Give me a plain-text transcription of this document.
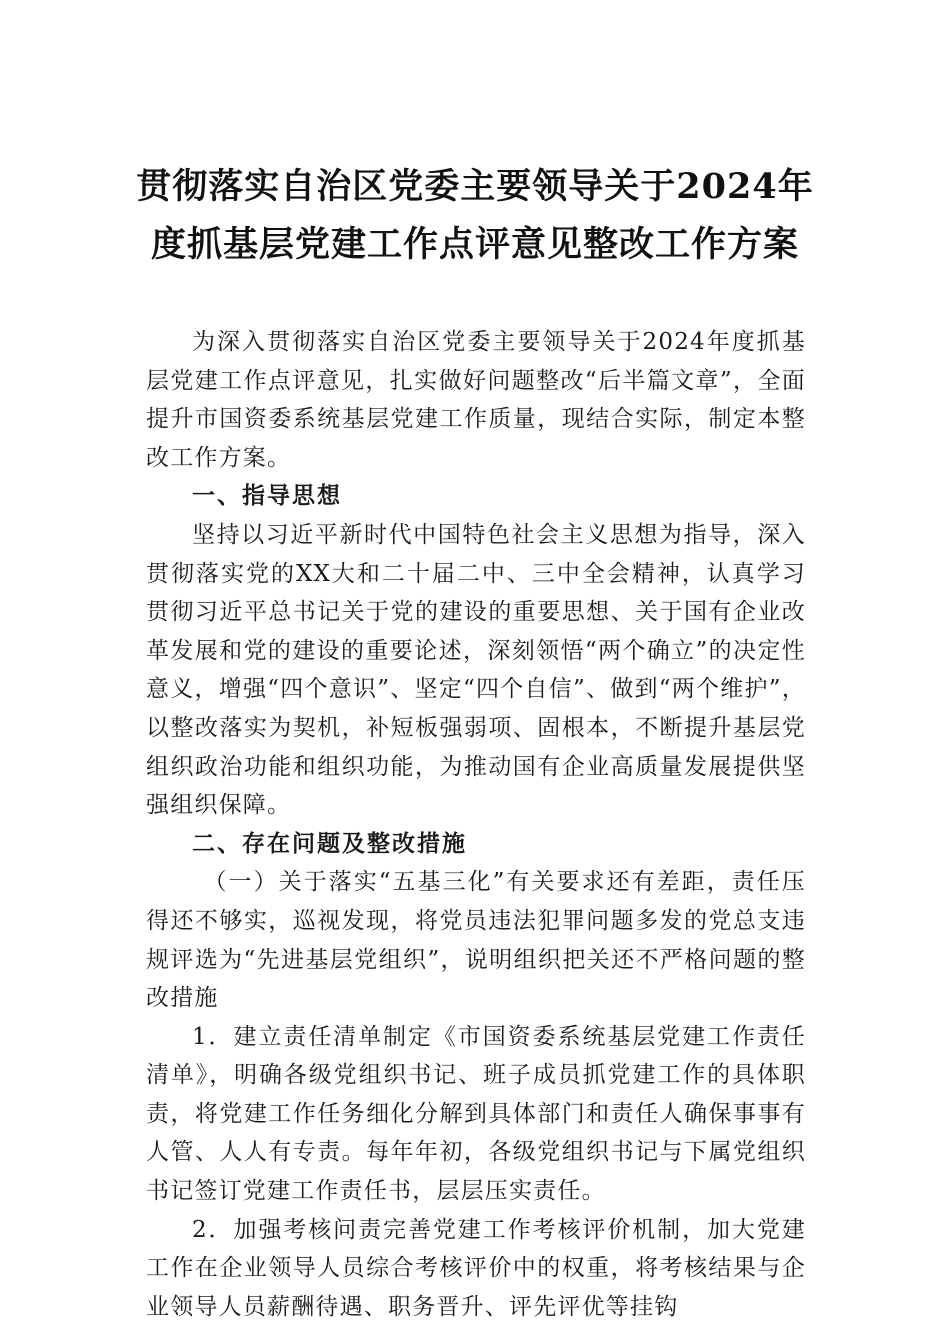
贯彻落实自治区党委主要领导关于2024年
度抓基层党建工作点评意见整改工作方案

为深入贯彻落实自治区党委主要领导关于2024年度抓基层党建工作点评意见，扎实做好问题整改“后半篇文章”，全面提升市国资委系统基层党建工作质量，现结合实际，制定本整改工作方案。

一、指导思想

坚持以习近平新时代中国特色社会主义思想为指导，深入贯彻落实党的XX大和二十届二中、三中全会精神，认真学习贯彻习近平总书记关于党的建设的重要思想、关于国有企业改革发展和党的建设的重要论述，深刻领悟“两个确立”的决定性意义，增强“四个意识”、坚定“四个自信”、做到“两个维护”，以整改落实为契机，补短板强弱项、固根本，不断提升基层党组织政治功能和组织功能，为推动国有企业高质量发展提供坚强组织保障。

二、存在问题及整改措施

（一）关于落实“五基三化”有关要求还有差距，责任压得还不够实，巡视发现，将党员违法犯罪问题多发的党总支违规评选为“先进基层党组织”，说明组织把关还不严格问题的整改措施

1．建立责任清单制定《市国资委系统基层党建工作责任清单》，明确各级党组织书记、班子成员抓党建工作的具体职责，将党建工作任务细化分解到具体部门和责任人确保事事有人管、人人有专责。每年年初，各级党组织书记与下属党组织书记签订党建工作责任书，层层压实责任。

2．加强考核问责完善党建工作考核评价机制，加大党建工作在企业领导人员综合考核评价中的权重，将考核结果与企业领导人员薪酬待遇、职务晋升、评先评优等挂钩
